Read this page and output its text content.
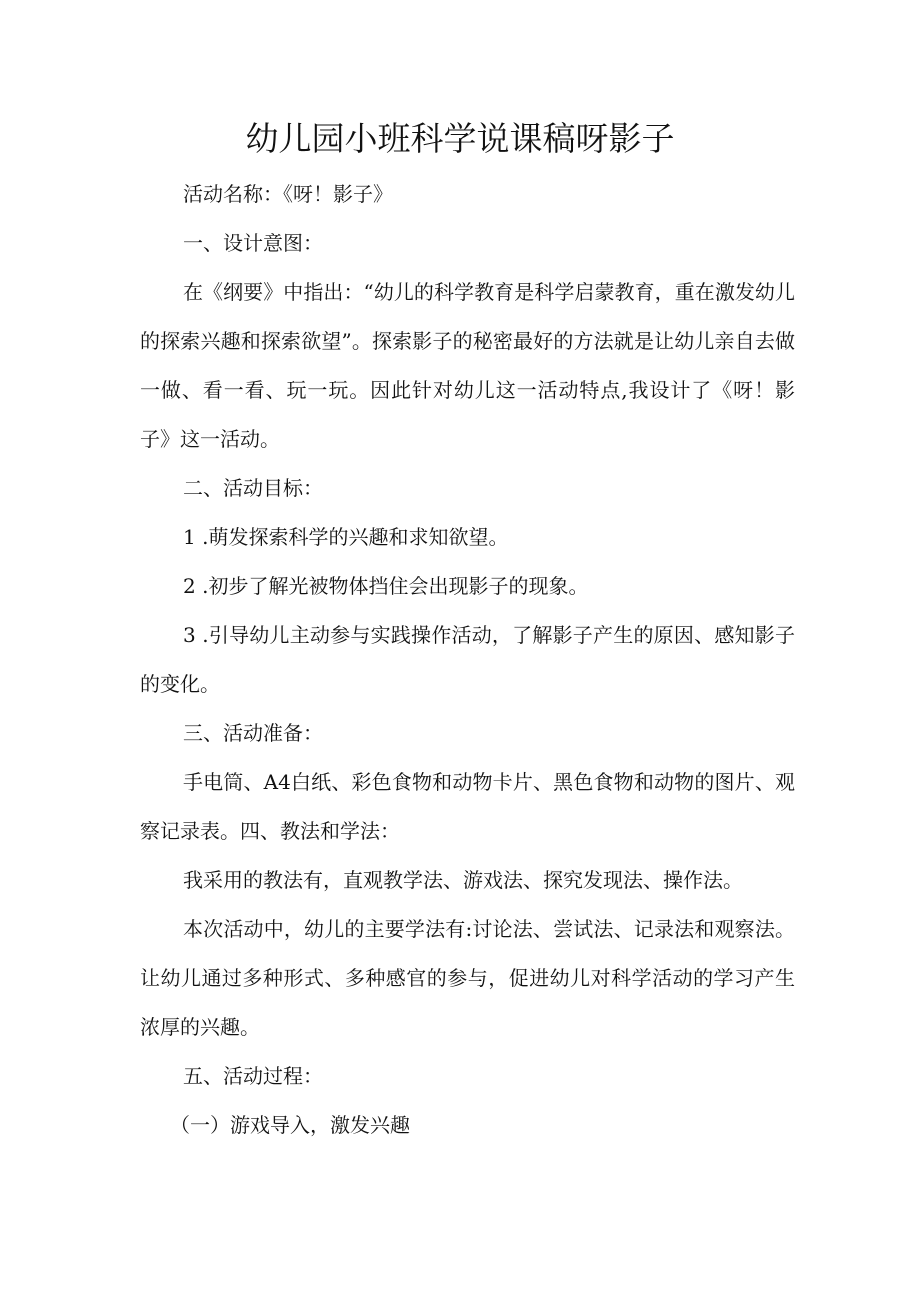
幼儿园小班科学说课稿呀影子

活动名称：《呀！影子》

一、设计意图：

在《纲要》中指出：“幼儿的科学教育是科学启蒙教育，重在激发幼儿的探索兴趣和探索欲望”。探索影子的秘密最好的方法就是让幼儿亲自去做一做、看一看、玩一玩。因此针对幼儿这一活动特点,我设计了《呀！影子》这一活动。

二、活动目标：

1 .萌发探索科学的兴趣和求知欲望。

2 .初步了解光被物体挡住会出现影子的现象。

3 .引导幼儿主动参与实践操作活动，了解影子产生的原因、感知影子的变化。

三、活动准备：

手电筒、A4白纸、彩色食物和动物卡片、黑色食物和动物的图片、观察记录表。四、教法和学法：

我采用的教法有，直观教学法、游戏法、探究发现法、操作法。

本次活动中，幼儿的主要学法有:讨论法、尝试法、记录法和观察法。让幼儿通过多种形式、多种感官的参与，促进幼儿对科学活动的学习产生浓厚的兴趣。

五、活动过程：

（一）游戏导入，激发兴趣
